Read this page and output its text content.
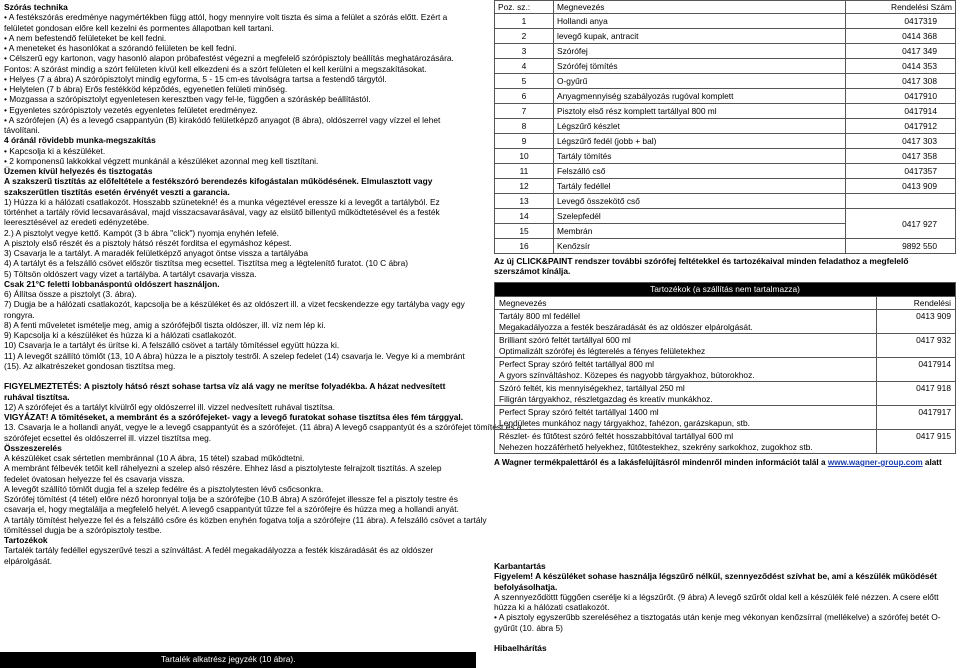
Szórás technika
• A festékszórás eredménye nagymértékben függ attól, hogy mennyire volt tiszta és sima a felület a szórás előtt. Ezért a
felületet gondosan előre kell kezelni és pormentes állapotban kell tartani.
• A nem befestendő felületeket be kell fedni.
• A meneteket és hasonlókat a szórandó felületen be kell fedni.
• Célszerű egy kartonon, vagy hasonló alapon próbafestést végezni a megfelelő szórópisztoly beállítás meghatározására.
Fontos: A szórást mindig a szórt felületen kívül kell elkezdeni és a szórt felületen el kell kerülni a megszakításokat.
• Helyes (7 a ábra) A szórópisztolyt mindig egyforma, 5 - 15 cm-es távolságra tartsa a festendő tárgytól.
• Helytelen (7 b ábra) Erős festékköd képződés, egyenetlen felületi minőség.
• Mozgassa a szórópisztolyt egyenletesen keresztben vagy fel-le, függően a szóráskép beállítástól.
• Egyenletes szórópisztoly vezetés egyenletes felületet eredményez.
• A szórófejen (A) és a levegő csappantyún (B) kirakódó felületképző anyagot (8 ábra), oldószerrel vagy vízzel el lehet
távolítani.
4 óránál rövidebb munka-megszakítás
• Kapcsolja ki a készüléket.
• 2 komponensű lakkokkal végzett munkánál a készüléket azonnal meg kell tisztítani.
Üzemen kívül helyezés és tisztogatás
A szakszerű tisztítás az előfeltétele a festékszóró berendezés kifogástalan működésének. Elmulasztott vagy
szakszerűtlen tisztítás esetén érvényét veszti a garancia.
1) Húzza ki a hálózati csatlakozót. Hosszabb szünetekné! és a munka végeztével eressze ki a levegőt a tartályból. Ez
történhet a tartály rövid lecsavarásával, majd visszacsavarásával, vagy az elsütő billentyű működtetésével és a festék
leeresztésével az eredeti edényzetébe.
2.) A pisztolyt vegye kettő. Kampót (3 b ábra "click") nyomja enyhén lefelé.
A pisztoly első részét és a pisztoly hátsó részét forditsa el egymáshoz képest.
3) Csavarja le a tartályt. A maradék felületképző anyagot öntse vissza a tartályába
4) A tartályt és a felszálló csövet először tisztítsa meg ecsettel. Tisztítsa meg a légtelenítő furatot. (10 C ábra)
5) Töltsön oldószert vagy vizet a tartályba. A tartályt csavarja vissza.
Csak 21°C feletti lobbanáspontú oldószert használjon.
6) Állítsa össze a pisztolyt (3. ábra).
7) Dugja be a hálózati csatlakozót, kapcsolja be a készüléket és az oldószert ill. a vizet fecskendezze egy tartályba vagy egy
rongyra.
8) A fenti műveletet ismételje meg, amig a szórófejből tiszta oldószer, ill. víz nem lép ki.
9) Kapcsolja ki a készüléket és húzza ki a hálózati csatlakozót.
10) Csavarja le a tartályt és ürítse ki. A felszálló csövet a tartály tömítéssel együtt húzza ki.
11) A levegőt szállító tömlőt (13, 10 A ábra) húzza le a pisztoly testről. A szelep fedelet (14) csavarja le. Vegye ki a membránt
(15). Az alkatrészeket gondosan tisztítsa meg.
FIGYELMEZTETÉS: A pisztoly hátsó részt sohase tartsa víz alá vagy ne merítse folyadékba. A házat nedvesített
ruhával tisztítsa.
12) A szórófejet és a tartályt kívülről egy oldószerrel ill. vizzel nedvesített ruhával tisztítsa.
VIGYÁZAT! A tömitéseket, a membránt és a szórófejeket- vagy a levegő furatokat sohase tisztítsa éles fém tárggyal.
13. Csavarja le a hollandi anyát, vegye le a levegő csappantyút és a szórófejet. (11 ábra) A levegő csappantyút és a szórófejet tömítést és a
szórófejet ecsettel és oldószerrel ill. vizzel tisztítsa meg.
Összeszerelés
A készüléket csak sértetlen membránnal (10 A ábra, 15 tétel) szabad működtetni.
A membránt félbevék tetőit kell ráhelyezni a szelep alsó részére. Ehhez lásd a pisztolyteste felrajzolt tisztítás. A szelep
fedelet óvatosan helyezze fel és csavarja vissza.
A levegőt szállító tömlőt dugja fel a szelep fedélre és a pisztolytesten lévő csőcsonkra.
Szórófej tömítést (4 tétel) előre néző horonnyal tolja be a szórófejbe (10.B ábra) A szórófejet illessze fel a pisztoly testre és
csavarja el, hogy megtalálja a megfelelő helyét. A levegő csappantyút tűzze fel a szórófejre és húzza meg a hollandi anyát.
A tartály tömítést helyezze fel és a felszálló csőre és közben enyhén fogatva tolja a szórófejre (11 ábra). A felszálló csövet a tartály
tömítéssel dugja be a szórópisztoly testbe.
Tartozékok
Tartalék tartály fedéllel egyszerűvé teszi a színváltást. A fedél megakadályozza a festék kiszáradását és az oldószer
elpárolgását.
Tartalék alkatrész jegyzék (10 ábra).
Poz. sz.:	Megnevezés	Rendelési Szám
1	Hollandi anya	0417319
2	levegő kupak, antracit	0414 368
3	Szórófej	0417 349
4	Szórófej tömítés	0414 353
5	O-gyűrű	0417 308
6	Anyagmennyiség szabályozás rugóval komplett	0417910
7	Pisztoly első rész komplett tartállyal 800 ml	0417914
8	Légszűrő készlet	0417912
9	Légszűrő fedél (jobb + bal)	0417 303
10	Tartály tömítés	0417 358
11	Felszálló cső	0417357
12	Tartály fedéllel	0413 909
13	Levegő összekötő cső	
14	Szelepfedél	0417 927
15	Membrán	
16	Kenőzsír	9892 550
Az új CLICK&PAINT rendszer további szórófej feltétekkel és tartozékaival minden feladathoz a megfelelő szerszámot kínálja.
Tartozékok (a szállítás nem tartalmazza)	
Megnevezés	Rendelési

Tartály 800 ml fedéllel
Megakadályozza a festék beszáradását és az oldószer elpárolgását.	0413 909

Brilliant szóró feltét tartállyal 600 ml
Optimalizált szórófej és légterelés a fényes felületekhez	0417 932

Perfect Spray szóró feltét tartállyal 800 ml
A gyors színváltáshoz. Közepes és nagyobb tárgyakhoz, bútorokhoz.	0417914

Szóró feltét, kis mennyiségekhez, tartállyal 250 ml
Filigrán tárgyakhoz, részletgazdag és kreatív munkákhoz.	0417 918

Perfect Spray szóró feltét tartállyal 1400 ml
Lendületes munkához nagy tárgyakhoz, fahézon, garázskapun, stb.	0417917

Részlet- és fűtőtest szóró feltét hosszabbítóval tartállyal 600 ml
Nehezen hozzáférhető helyekhez, fűtőtestekhez, szekrény sarkokhoz, zugokhoz stb.	0417 915
A Wagner termékpalettáról és a lakásfelújításról mindenről minden információt talál a www.wagner-group.com alatt
Karbantartás
Figyelem! A készüléket sohase használja légszűrő nélkül, szennyeződést szívhat be, ami a készülék működését
befolyásolhatja.
A szennyeződöttt függően cserélje ki a légszűrőt. (9 ábra) A levegő szűrőt oldal kell a készülék felé nézzen. A csere előtt
húzza ki a hálózati csatlakozót.
• A pisztoly egyszerűbb szereléséhez a tisztogatás után kenje meg vékonyan kenőzsírral (mellékelve) a szórófej betét O-
gyűrűt (10. ábra 5)
Hibaelhárítás
